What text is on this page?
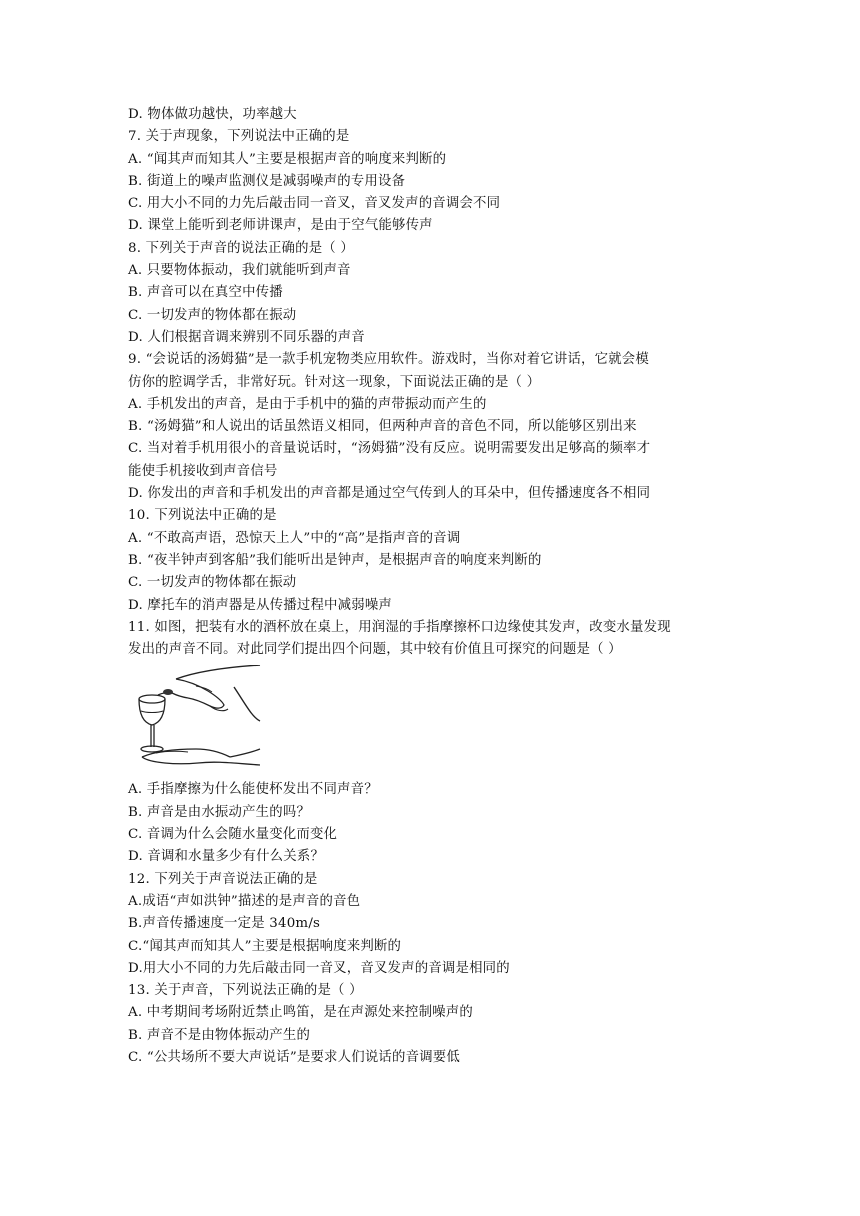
D. 物体做功越快，功率越大
7. 关于声现象，下列说法中正确的是
A. “闻其声而知其人”主要是根据声音的响度来判断的
B. 街道上的噪声监测仪是减弱噪声的专用设备
C. 用大小不同的力先后敲击同一音叉，音叉发声的音调会不同
D. 课堂上能听到老师讲课声，是由于空气能够传声
8. 下列关于声音的说法正确的是（ ）
A. 只要物体振动，我们就能听到声音
B. 声音可以在真空中传播
C. 一切发声的物体都在振动
D. 人们根据音调来辨别不同乐器的声音
9. “会说话的汤姆猫”是一款手机宠物类应用软件。游戏时，当你对着它讲话，它就会模
仿你的腔调学舌，非常好玩。针对这一现象，下面说法正确的是（ ）
A. 手机发出的声音，是由于手机中的猫的声带振动而产生的
B. “汤姆猫”和人说出的话虽然语义相同，但两种声音的音色不同，所以能够区别出来
C. 当对着手机用很小的音量说话时，“汤姆猫”没有反应。说明需要发出足够高的频率才
能使手机接收到声音信号
D. 你发出的声音和手机发出的声音都是通过空气传到人的耳朵中，但传播速度各不相同
10. 下列说法中正确的是
A. “不敢高声语，恐惊天上人”中的“高”是指声音的音调
B. “夜半钟声到客船”我们能听出是钟声，是根据声音的响度来判断的
C. 一切发声的物体都在振动
D. 摩托车的消声器是从传播过程中减弱噪声
11. 如图，把装有水的酒杯放在桌上，用润湿的手指摩擦杯口边缘使其发声，改变水量发现
发出的声音不同。对此同学们提出四个问题，其中较有价值且可探究的问题是（ ）
A. 手指摩擦为什么能使杯发出不同声音？
B. 声音是由水振动产生的吗？
C. 音调为什么会随水量变化而变化
D. 音调和水量多少有什么关系？
12. 下列关于声音说法正确的是
A.成语“声如洪钟”描述的是声音的音色
B.声音传播速度一定是 340m/s
C.“闻其声而知其人”主要是根据响度来判断的
D.用大小不同的力先后敲击同一音叉，音叉发声的音调是相同的
13. 关于声音，下列说法正确的是（ ）
A. 中考期间考场附近禁止鸣笛，是在声源处来控制噪声的
B. 声音不是由物体振动产生的
C. “公共场所不要大声说话”是要求人们说话的音调要低
